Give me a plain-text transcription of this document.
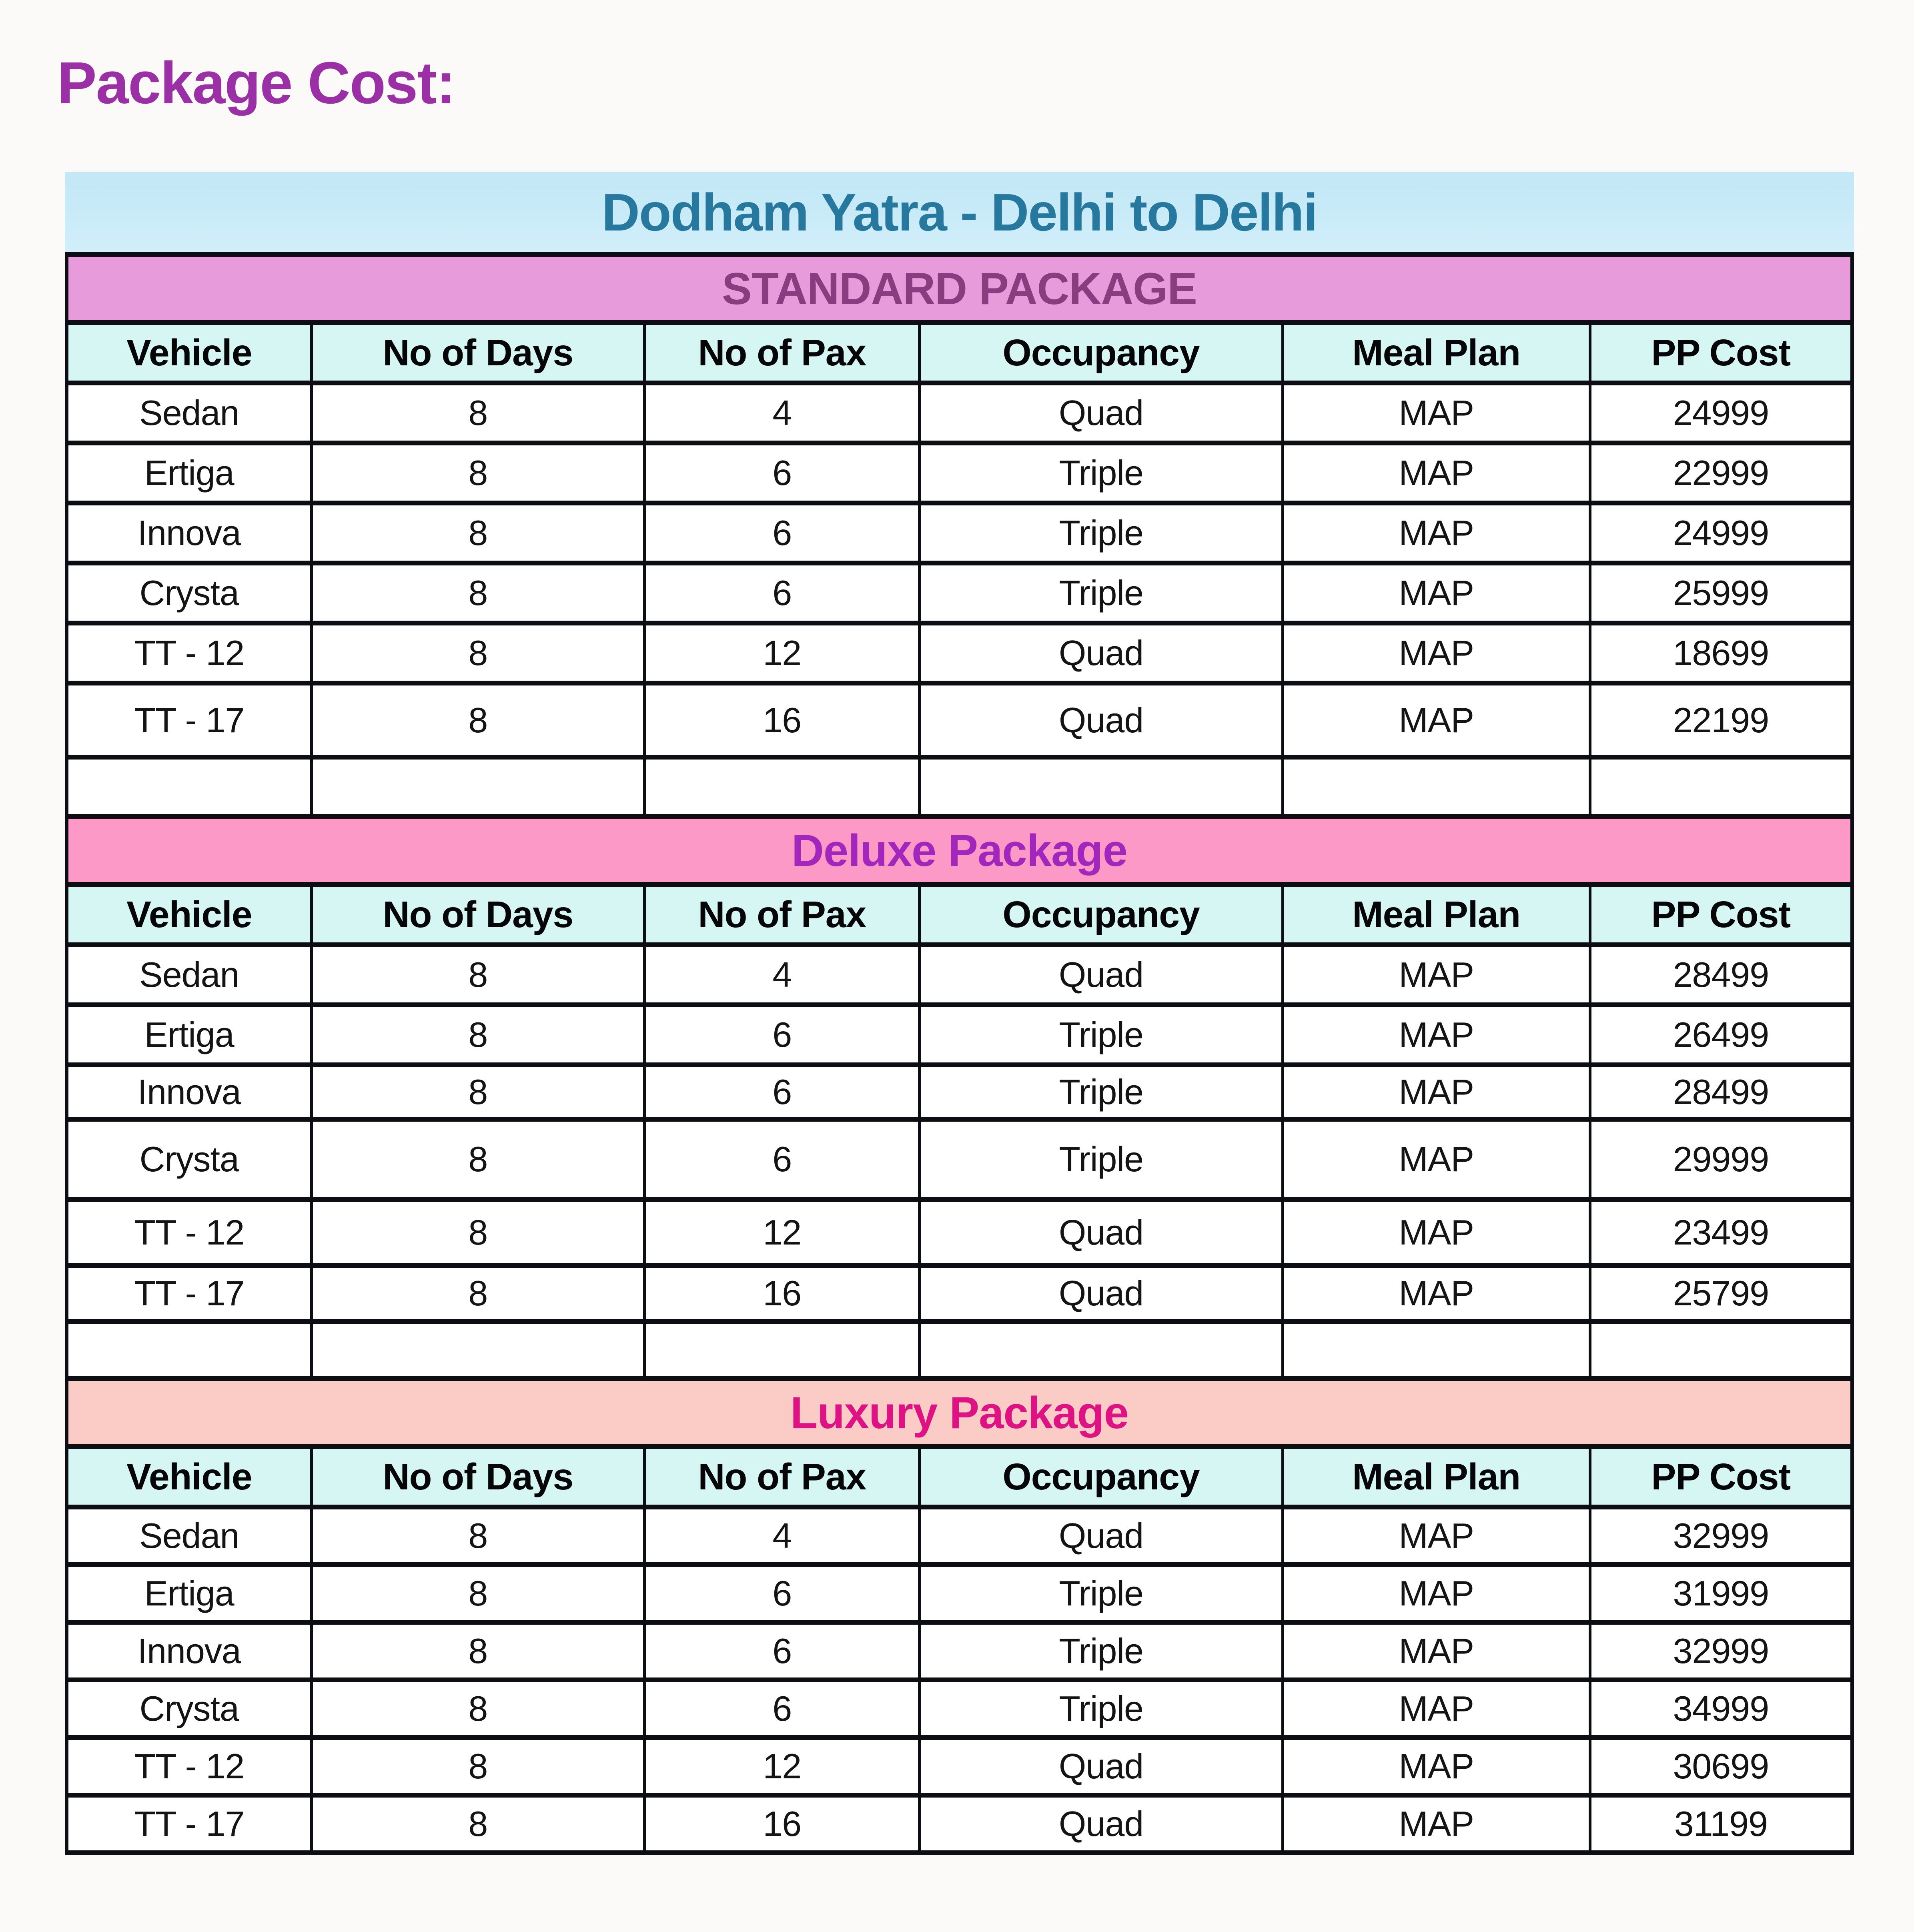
Package Cost:
Dodham Yatra - Delhi to Delhi
STANDARD PACKAGE
Vehicle	No of Days	No of Pax	Occupancy	Meal Plan	PP Cost
Sedan	8	4	Quad	MAP	24999
Ertiga	8	6	Triple	MAP	22999
Innova	8	6	Triple	MAP	24999
Crysta	8	6	Triple	MAP	25999
TT - 12	8	12	Quad	MAP	18699
TT - 17	8	16	Quad	MAP	22199
Deluxe Package
Vehicle	No of Days	No of Pax	Occupancy	Meal Plan	PP Cost
Sedan	8	4	Quad	MAP	28499
Ertiga	8	6	Triple	MAP	26499
Innova	8	6	Triple	MAP	28499
Crysta	8	6	Triple	MAP	29999
TT - 12	8	12	Quad	MAP	23499
TT - 17	8	16	Quad	MAP	25799
Luxury Package
Vehicle	No of Days	No of Pax	Occupancy	Meal Plan	PP Cost
Sedan	8	4	Quad	MAP	32999
Ertiga	8	6	Triple	MAP	31999
Innova	8	6	Triple	MAP	32999
Crysta	8	6	Triple	MAP	34999
TT - 12	8	12	Quad	MAP	30699
TT - 17	8	16	Quad	MAP	31199
